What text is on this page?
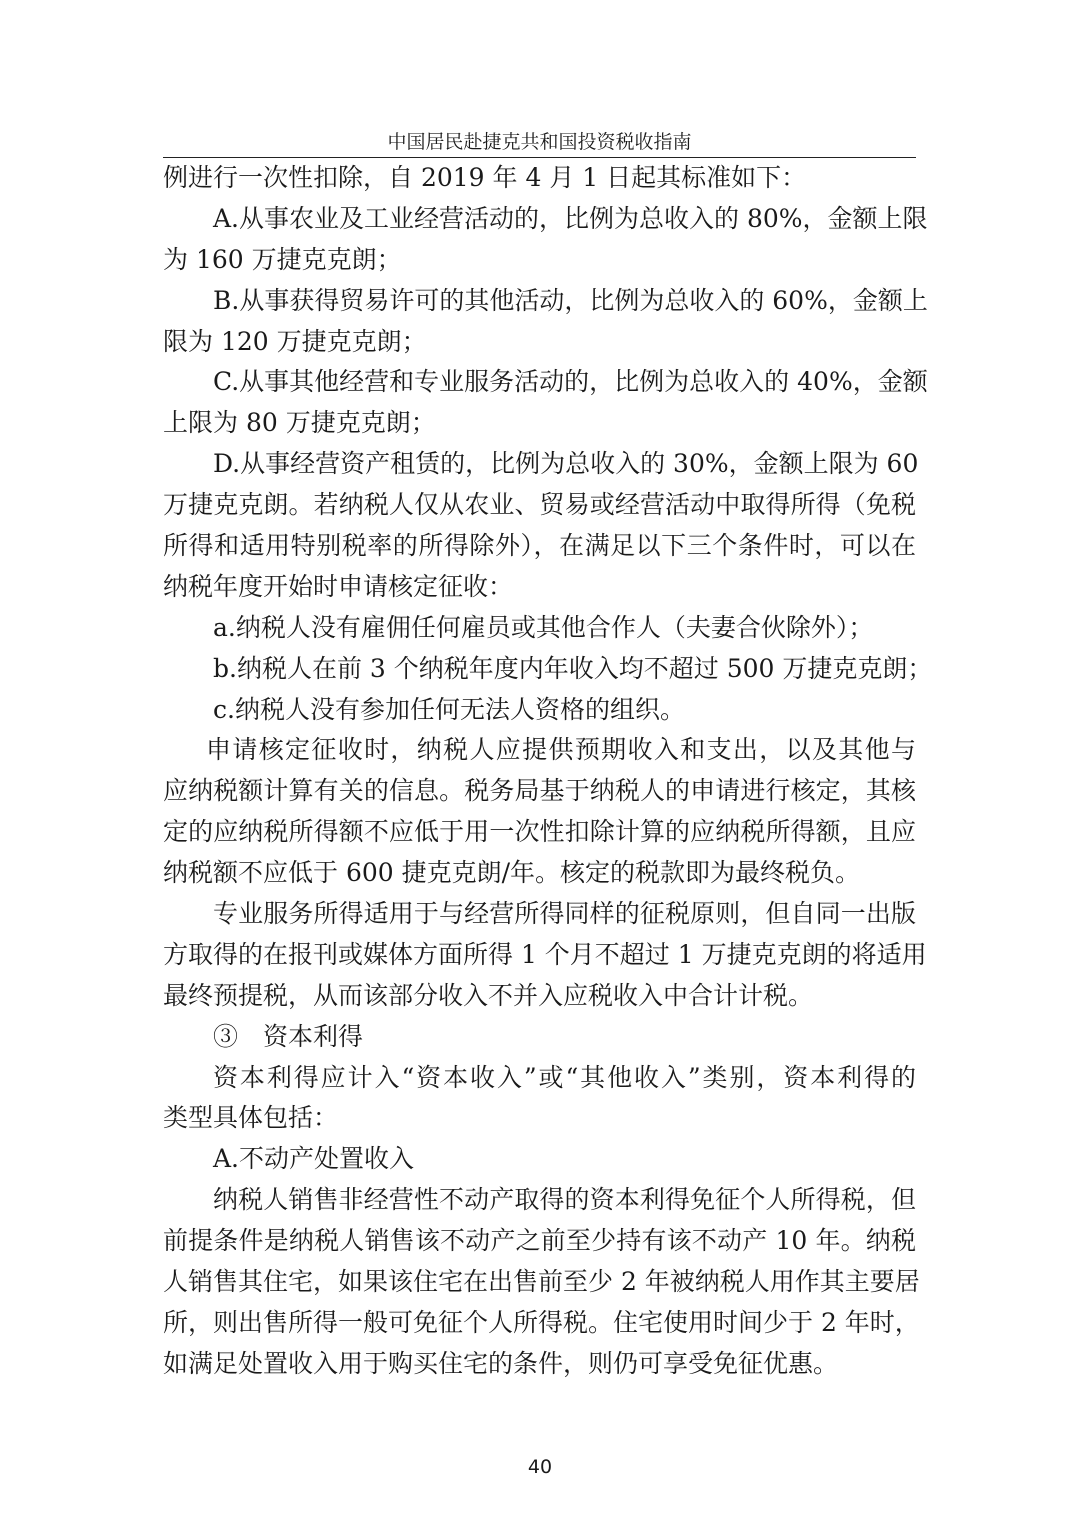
中国居民赴捷克共和国投资税收指南
例进行一次性扣除，自 2019 年 4 月 1 日起其标准如下：
A.从事农业及工业经营活动的，比例为总收入的 80%，金额上限
为 160 万捷克克朗；
B.从事获得贸易许可的其他活动，比例为总收入的 60%，金额上
限为 120 万捷克克朗；
C.从事其他经营和专业服务活动的，比例为总收入的 40%，金额
上限为 80 万捷克克朗；
D.从事经营资产租赁的，比例为总收入的 30%，金额上限为 60
万捷克克朗。若纳税人仅从农业、贸易或经营活动中取得所得（免税
所得和适用特别税率的所得除外），在满足以下三个条件时，可以在
纳税年度开始时申请核定征收：
a.纳税人没有雇佣任何雇员或其他合作人（夫妻合伙除外）；
b.纳税人在前 3 个纳税年度内年收入均不超过 500 万捷克克朗；
c.纳税人没有参加任何无法人资格的组织。
申请核定征收时，纳税人应提供预期收入和支出，以及其他与
应纳税额计算有关的信息。税务局基于纳税人的申请进行核定，其核
定的应纳税所得额不应低于用一次性扣除计算的应纳税所得额，且应
纳税额不应低于 600 捷克克朗/年。核定的税款即为最终税负。
专业服务所得适用于与经营所得同样的征税原则，但自同一出版
方取得的在报刊或媒体方面所得 1 个月不超过 1 万捷克克朗的将适用
最终预提税，从而该部分收入不并入应税收入中合计计税。
③　资本利得
资本利得应计入“资本收入”或“其他收入”类别，资本利得的
类型具体包括：
A.不动产处置收入
纳税人销售非经营性不动产取得的资本利得免征个人所得税，但
前提条件是纳税人销售该不动产之前至少持有该不动产 10 年。纳税
人销售其住宅，如果该住宅在出售前至少 2 年被纳税人用作其主要居
所，则出售所得一般可免征个人所得税。住宅使用时间少于 2 年时，
如满足处置收入用于购买住宅的条件，则仍可享受免征优惠。
40
